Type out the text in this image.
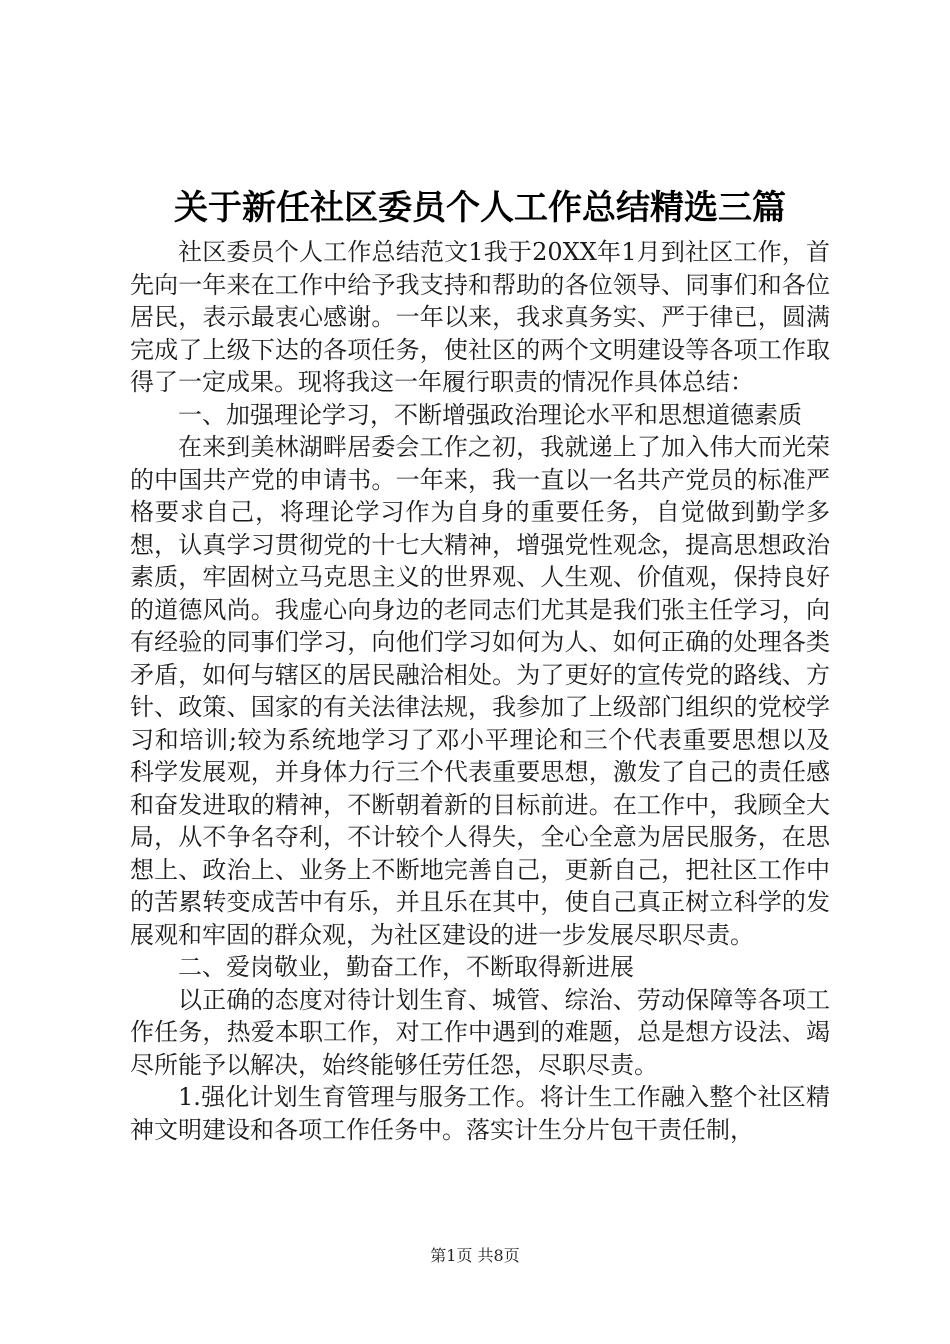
关于新任社区委员个人工作总结精选三篇

社区委员个人工作总结范文1我于20XX年1月到社区工作，首先向一年来在工作中给予我支持和帮助的各位领导、同事们和各位居民，表示最衷心感谢。一年以来，我求真务实、严于律已，圆满完成了上级下达的各项任务，使社区的两个文明建设等各项工作取得了一定成果。现将我这一年履行职责的情况作具体总结：

一、加强理论学习，不断增强政治理论水平和思想道德素质

在来到美林湖畔居委会工作之初，我就递上了加入伟大而光荣的中国共产党的申请书。一年来，我一直以一名共产党员的标准严格要求自己，将理论学习作为自身的重要任务，自觉做到勤学多想，认真学习贯彻党的十七大精神，增强党性观念，提高思想政治素质，牢固树立马克思主义的世界观、人生观、价值观，保持良好的道德风尚。我虚心向身边的老同志们尤其是我们张主任学习，向有经验的同事们学习，向他们学习如何为人、如何正确的处理各类矛盾，如何与辖区的居民融洽相处。为了更好的宣传党的路线、方针、政策、国家的有关法律法规，我参加了上级部门组织的党校学习和培训;较为系统地学习了邓小平理论和三个代表重要思想以及科学发展观，并身体力行三个代表重要思想，激发了自己的责任感和奋发进取的精神，不断朝着新的目标前进。在工作中，我顾全大局，从不争名夺利，不计较个人得失，全心全意为居民服务，在思想上、政治上、业务上不断地完善自己，更新自己，把社区工作中的苦累转变成苦中有乐，并且乐在其中，使自己真正树立科学的发展观和牢固的群众观，为社区建设的进一步发展尽职尽责。

二、爱岗敬业，勤奋工作，不断取得新进展

以正确的态度对待计划生育、城管、综治、劳动保障等各项工作任务，热爱本职工作，对工作中遇到的难题，总是想方设法、竭尽所能予以解决，始终能够任劳任怨，尽职尽责。

1.强化计划生育管理与服务工作。将计生工作融入整个社区精神文明建设和各项工作任务中。落实计生分片包干责任制，

第1页 共8页
